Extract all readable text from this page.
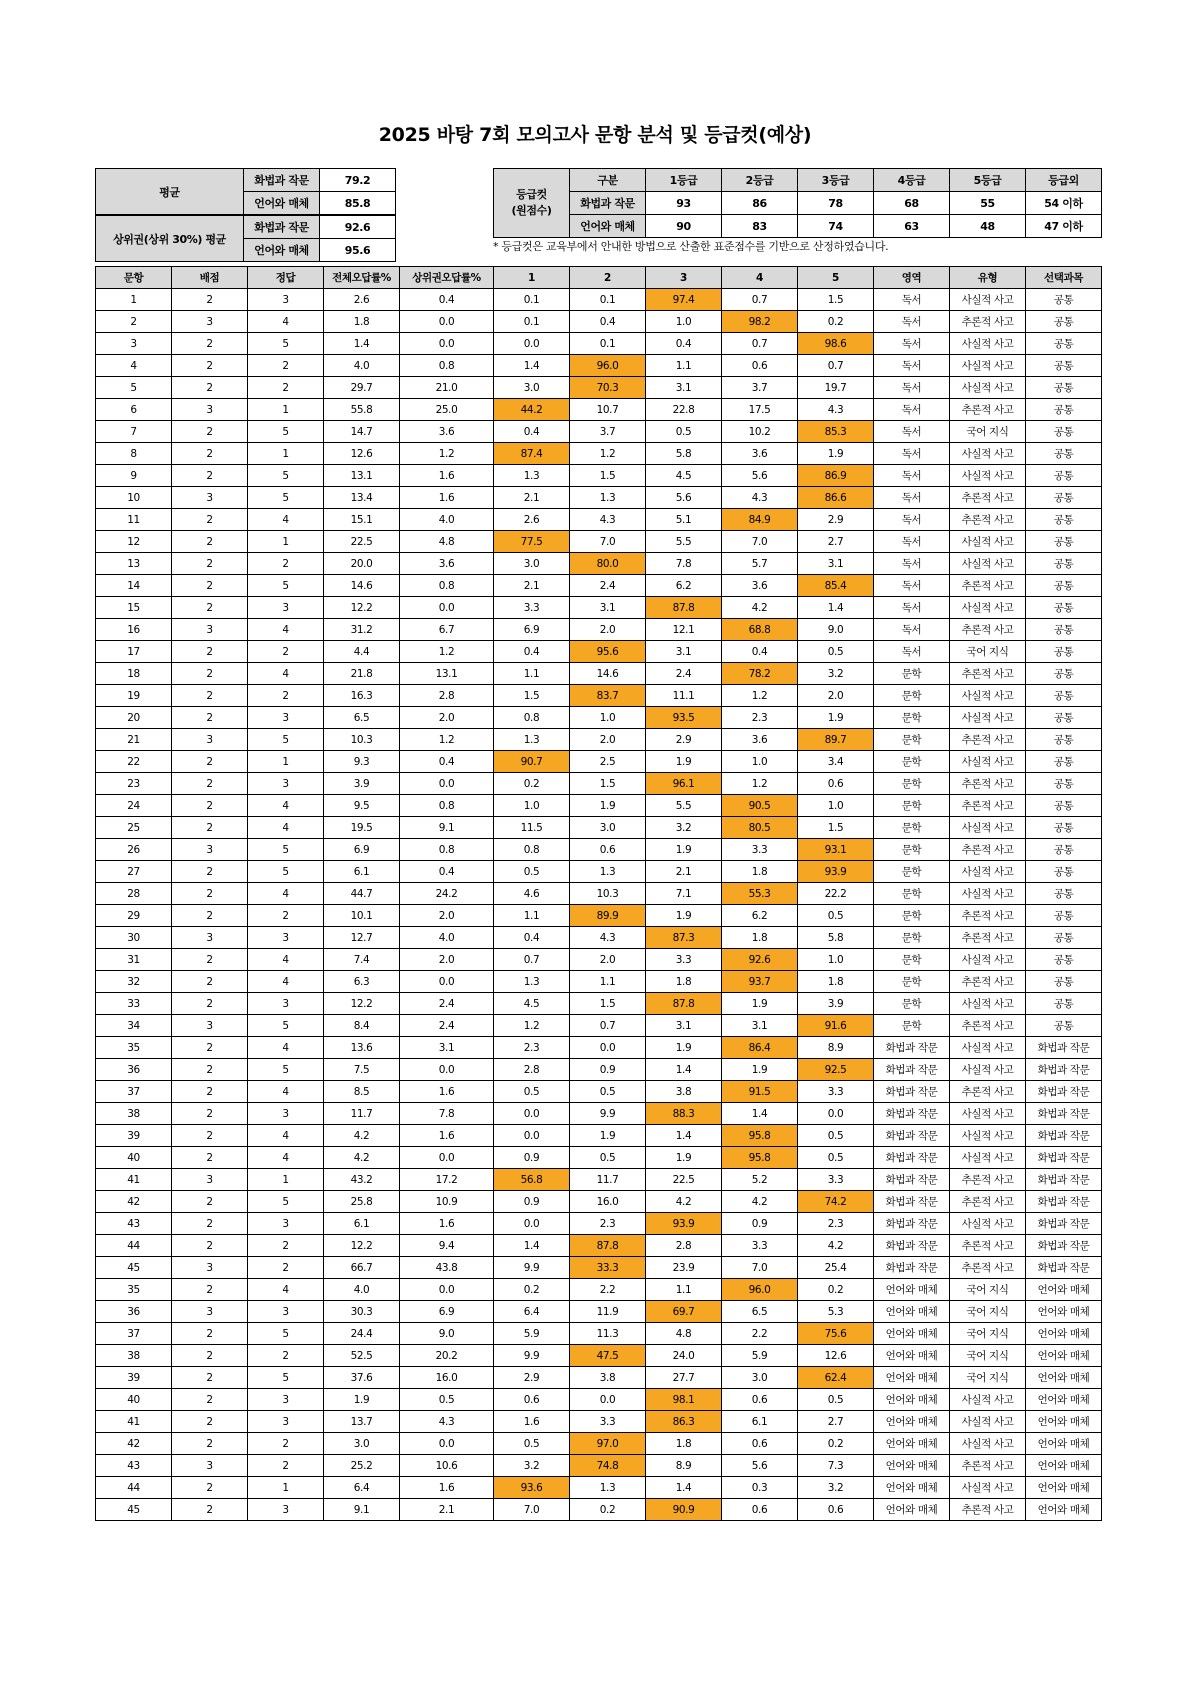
2025 바탕 7회 모의고사 문항 분석 및 등급컷(예상)
평균	화법과 작문	79.2
	언어와 매체	85.8
상위권(상위 30%) 평균	화법과 작문	92.6
	언어와 매체	95.6
등급컷
(원점수)	구분	1등급	2등급	3등급	4등급	5등급	등급외
	화법과 작문	93	86	78	68	55	54 이하
	언어와 매체	90	83	74	63	48	47 이하
* 등급컷은 교육부에서 안내한 방법으로 산출한 표준점수를 기반으로 산정하였습니다.
문항	배점	정답	전체오답률%	상위권오답률%	1	2	3	4	5	영역	유형	선택과목
1	2	3	2.6	0.4	0.1	0.1	97.4	0.7	1.5	독서	사실적 사고	공통
2	3	4	1.8	0.0	0.1	0.4	1.0	98.2	0.2	독서	추론적 사고	공통
3	2	5	1.4	0.0	0.0	0.1	0.4	0.7	98.6	독서	사실적 사고	공통
4	2	2	4.0	0.8	1.4	96.0	1.1	0.6	0.7	독서	사실적 사고	공통
5	2	2	29.7	21.0	3.0	70.3	3.1	3.7	19.7	독서	사실적 사고	공통
6	3	1	55.8	25.0	44.2	10.7	22.8	17.5	4.3	독서	추론적 사고	공통
7	2	5	14.7	3.6	0.4	3.7	0.5	10.2	85.3	독서	국어 지식	공통
8	2	1	12.6	1.2	87.4	1.2	5.8	3.6	1.9	독서	사실적 사고	공통
9	2	5	13.1	1.6	1.3	1.5	4.5	5.6	86.9	독서	사실적 사고	공통
10	3	5	13.4	1.6	2.1	1.3	5.6	4.3	86.6	독서	추론적 사고	공통
11	2	4	15.1	4.0	2.6	4.3	5.1	84.9	2.9	독서	추론적 사고	공통
12	2	1	22.5	4.8	77.5	7.0	5.5	7.0	2.7	독서	사실적 사고	공통
13	2	2	20.0	3.6	3.0	80.0	7.8	5.7	3.1	독서	사실적 사고	공통
14	2	5	14.6	0.8	2.1	2.4	6.2	3.6	85.4	독서	추론적 사고	공통
15	2	3	12.2	0.0	3.3	3.1	87.8	4.2	1.4	독서	사실적 사고	공통
16	3	4	31.2	6.7	6.9	2.0	12.1	68.8	9.0	독서	추론적 사고	공통
17	2	2	4.4	1.2	0.4	95.6	3.1	0.4	0.5	독서	국어 지식	공통
18	2	4	21.8	13.1	1.1	14.6	2.4	78.2	3.2	문학	추론적 사고	공통
19	2	2	16.3	2.8	1.5	83.7	11.1	1.2	2.0	문학	사실적 사고	공통
20	2	3	6.5	2.0	0.8	1.0	93.5	2.3	1.9	문학	사실적 사고	공통
21	3	5	10.3	1.2	1.3	2.0	2.9	3.6	89.7	문학	추론적 사고	공통
22	2	1	9.3	0.4	90.7	2.5	1.9	1.0	3.4	문학	사실적 사고	공통
23	2	3	3.9	0.0	0.2	1.5	96.1	1.2	0.6	문학	추론적 사고	공통
24	2	4	9.5	0.8	1.0	1.9	5.5	90.5	1.0	문학	추론적 사고	공통
25	2	4	19.5	9.1	11.5	3.0	3.2	80.5	1.5	문학	사실적 사고	공통
26	3	5	6.9	0.8	0.8	0.6	1.9	3.3	93.1	문학	추론적 사고	공통
27	2	5	6.1	0.4	0.5	1.3	2.1	1.8	93.9	문학	사실적 사고	공통
28	2	4	44.7	24.2	4.6	10.3	7.1	55.3	22.2	문학	사실적 사고	공통
29	2	2	10.1	2.0	1.1	89.9	1.9	6.2	0.5	문학	추론적 사고	공통
30	3	3	12.7	4.0	0.4	4.3	87.3	1.8	5.8	문학	추론적 사고	공통
31	2	4	7.4	2.0	0.7	2.0	3.3	92.6	1.0	문학	사실적 사고	공통
32	2	4	6.3	0.0	1.3	1.1	1.8	93.7	1.8	문학	추론적 사고	공통
33	2	3	12.2	2.4	4.5	1.5	87.8	1.9	3.9	문학	사실적 사고	공통
34	3	5	8.4	2.4	1.2	0.7	3.1	3.1	91.6	문학	추론적 사고	공통
35	2	4	13.6	3.1	2.3	0.0	1.9	86.4	8.9	화법과 작문	사실적 사고	화법과 작문
36	2	5	7.5	0.0	2.8	0.9	1.4	1.9	92.5	화법과 작문	사실적 사고	화법과 작문
37	2	4	8.5	1.6	0.5	0.5	3.8	91.5	3.3	화법과 작문	추론적 사고	화법과 작문
38	2	3	11.7	7.8	0.0	9.9	88.3	1.4	0.0	화법과 작문	사실적 사고	화법과 작문
39	2	4	4.2	1.6	0.0	1.9	1.4	95.8	0.5	화법과 작문	사실적 사고	화법과 작문
40	2	4	4.2	0.0	0.9	0.5	1.9	95.8	0.5	화법과 작문	사실적 사고	화법과 작문
41	3	1	43.2	17.2	56.8	11.7	22.5	5.2	3.3	화법과 작문	추론적 사고	화법과 작문
42	2	5	25.8	10.9	0.9	16.0	4.2	4.2	74.2	화법과 작문	추론적 사고	화법과 작문
43	2	3	6.1	1.6	0.0	2.3	93.9	0.9	2.3	화법과 작문	사실적 사고	화법과 작문
44	2	2	12.2	9.4	1.4	87.8	2.8	3.3	4.2	화법과 작문	추론적 사고	화법과 작문
45	3	2	66.7	43.8	9.9	33.3	23.9	7.0	25.4	화법과 작문	추론적 사고	화법과 작문
35	2	4	4.0	0.0	0.2	2.2	1.1	96.0	0.2	언어와 매체	국어 지식	언어와 매체
36	3	3	30.3	6.9	6.4	11.9	69.7	6.5	5.3	언어와 매체	국어 지식	언어와 매체
37	2	5	24.4	9.0	5.9	11.3	4.8	2.2	75.6	언어와 매체	국어 지식	언어와 매체
38	2	2	52.5	20.2	9.9	47.5	24.0	5.9	12.6	언어와 매체	국어 지식	언어와 매체
39	2	5	37.6	16.0	2.9	3.8	27.7	3.0	62.4	언어와 매체	국어 지식	언어와 매체
40	2	3	1.9	0.5	0.6	0.0	98.1	0.6	0.5	언어와 매체	사실적 사고	언어와 매체
41	2	3	13.7	4.3	1.6	3.3	86.3	6.1	2.7	언어와 매체	사실적 사고	언어와 매체
42	2	2	3.0	0.0	0.5	97.0	1.8	0.6	0.2	언어와 매체	사실적 사고	언어와 매체
43	3	2	25.2	10.6	3.2	74.8	8.9	5.6	7.3	언어와 매체	추론적 사고	언어와 매체
44	2	1	6.4	1.6	93.6	1.3	1.4	0.3	3.2	언어와 매체	사실적 사고	언어와 매체
45	2	3	9.1	2.1	7.0	0.2	90.9	0.6	0.6	언어와 매체	추론적 사고	언어와 매체
